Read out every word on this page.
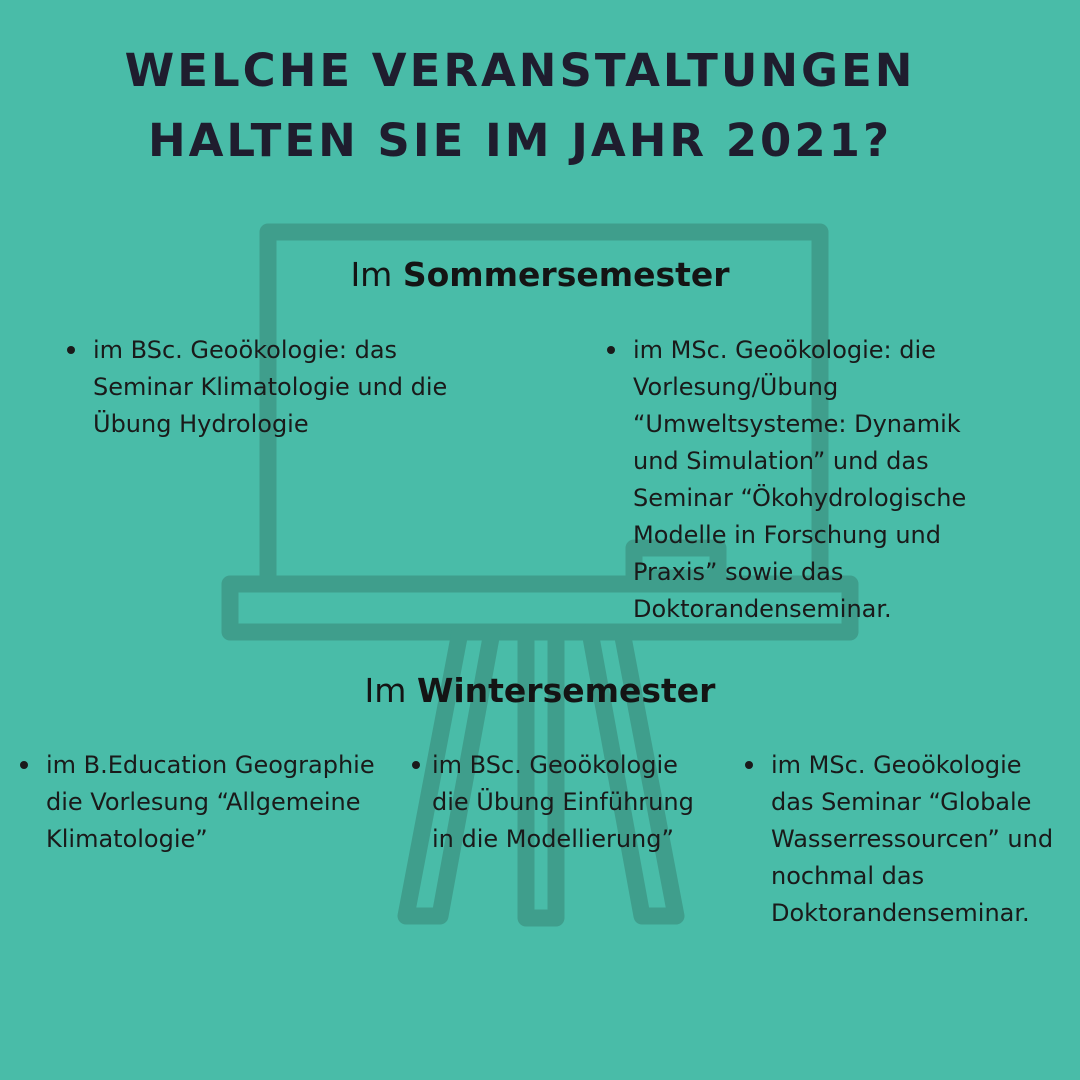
WELCHE VERANSTALTUNGEN
HALTEN SIE IM JAHR 2021?
Im Sommersemester
im BSc. Geoökologie: das Seminar Klimatologie und die Übung Hydrologie
im MSc. Geoökologie: die Vorlesung/Übung “Umweltsysteme: Dynamik und Simulation” und das Seminar “Ökohydrologische Modelle in Forschung und Praxis” sowie das Doktorandenseminar.
Im Wintersemester
im B.Education Geographie die Vorlesung “Allgemeine Klimatologie”
im BSc. Geoökologie die Übung Einführung in die Modellierung”
im MSc. Geoökologie das Seminar “Globale Wasserressourcen” und nochmal das Doktorandenseminar.
